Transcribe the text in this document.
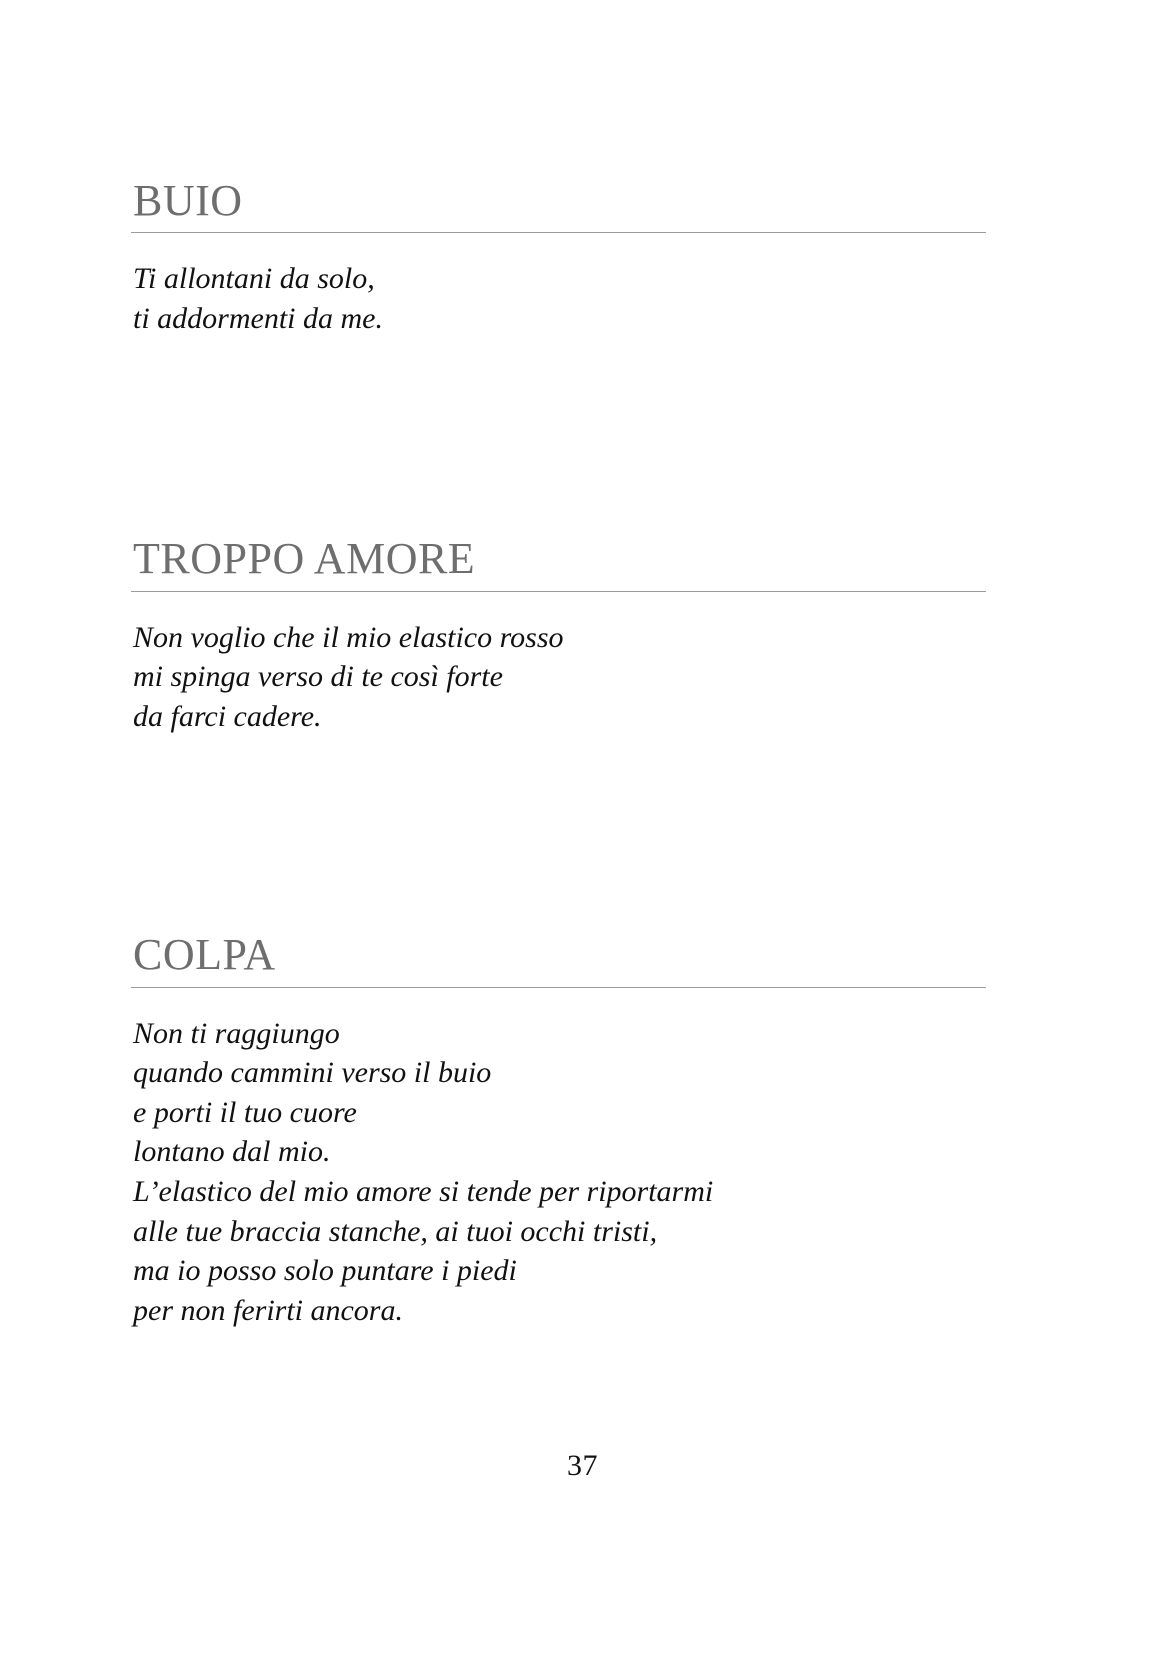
BUIO
Ti allontani da solo,
ti addormenti da me.
TROPPO AMORE
Non voglio che il mio elastico rosso
mi spinga verso di te così forte
da farci cadere.
COLPA
Non ti raggiungo
quando cammini verso il buio
e porti il tuo cuore
lontano dal mio.
L’elastico del mio amore si tende per riportarmi
alle tue braccia stanche, ai tuoi occhi tristi,
ma io posso solo puntare i piedi
per non ferirti ancora.
37
